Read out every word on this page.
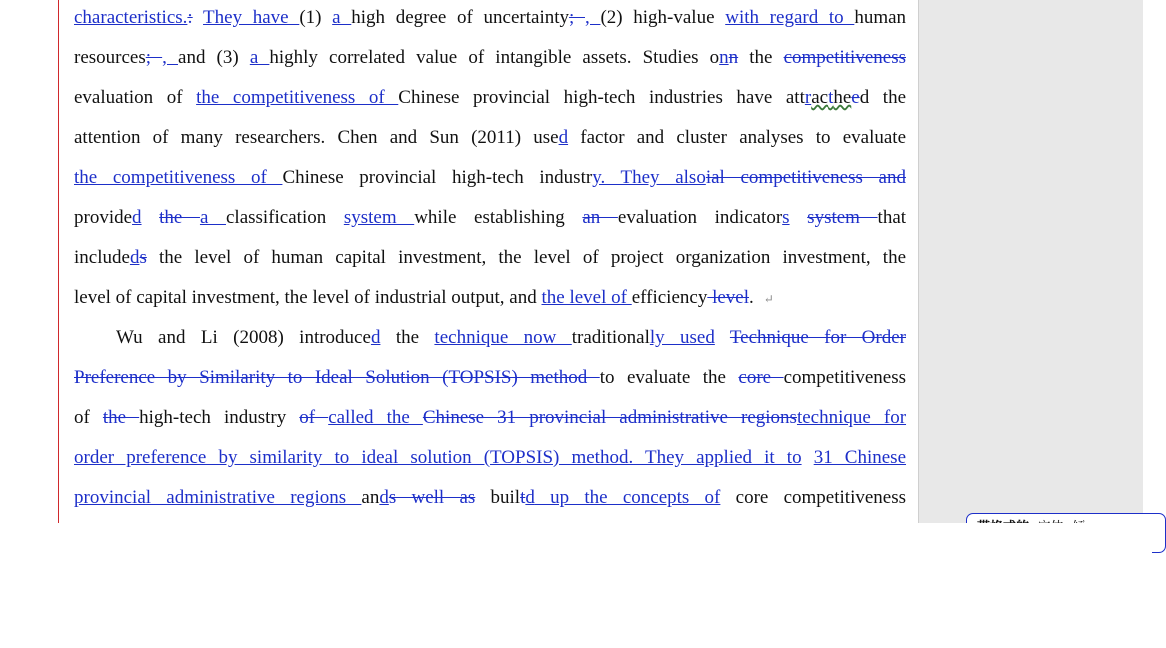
characteristics.: They have (1) a high degree of uncertainty; , (2) high-value with regard to human
resources; , and (3) a highly correlated value of intangible assets. Studies onn the competitiveness
evaluation of the competitiveness of Chinese provincial high-tech industries have attractheed the
attention of many researchers. Chen and Sun (2011) used factor and cluster analyses to evaluate
the competitiveness of Chinese provincial high-tech industry. They alsoial competitiveness and
provided the a classification system while establishing an evaluation indicators system that
includeds the level of human capital investment, the level of project organization investment, the
level of capital investment, the level of industrial output, and the level of efficiency level. ↵
Wu and Li (2008) introduced the technique now traditionally used Technique for Order
Preference by Similarity to Ideal Solution (TOPSIS) method to evaluate the core competitiveness
of the high-tech industry of called the Chinese 31 provincial administrative regionstechnique for
order preference by similarity to ideal solution (TOPSIS) method. They applied it to 31 Chinese
provincial administrative regions ands well as builtd up the concepts of core competitiveness
